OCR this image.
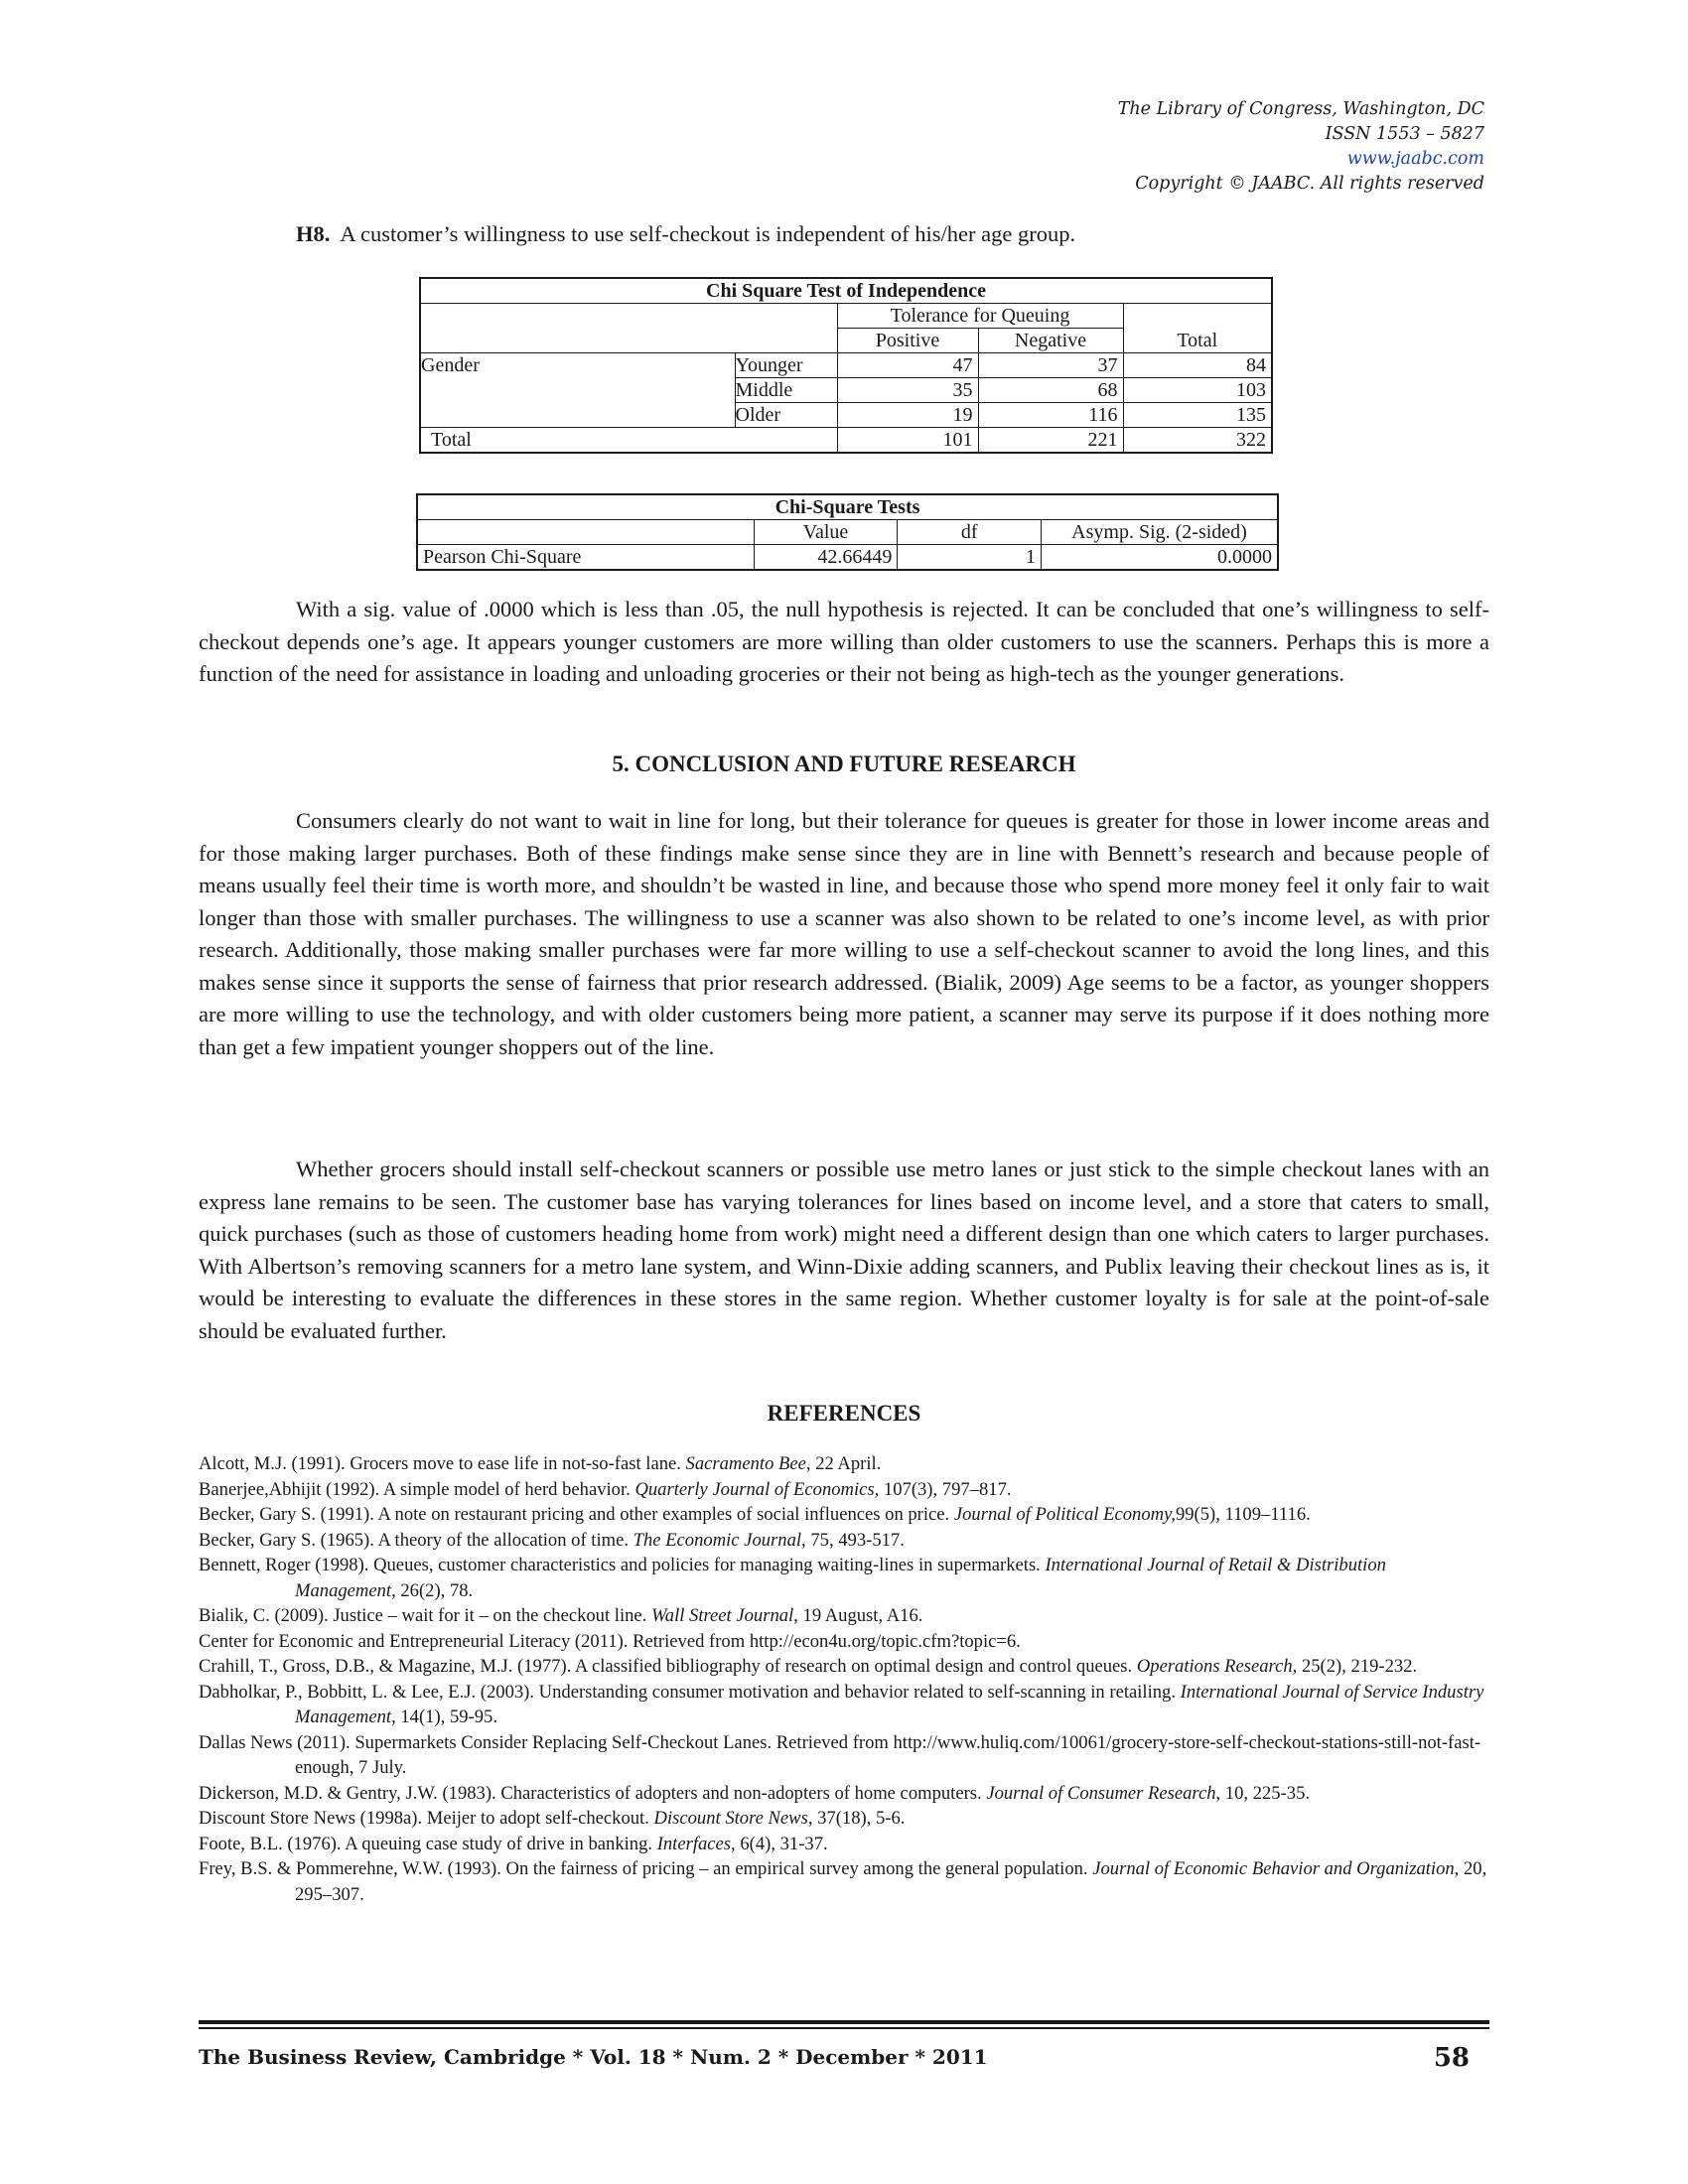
The Library of Congress, Washington, DC
ISSN 1553 – 5827
www.jaabc.com
Copyright © JAABC. All rights reserved
H8. A customer’s willingness to use self-checkout is independent of his/her age group.
Chi Square Test of Independence				
		Tolerance for Queuing		Total
		Positive	Negative	
Gender	Younger	47	37	84
	Middle	35	68	103
	Older	19	116	135
Total		101	221	322
Chi-Square Tests			
	Value	df	Asymp. Sig. (2-sided)
Pearson Chi-Square	42.66449	1	0.0000
With a sig. value of .0000 which is less than .05, the null hypothesis is rejected. It can be concluded that one’s willingness to self-checkout depends one’s age. It appears younger customers are more willing than older customers to use the scanners. Perhaps this is more a function of the need for assistance in loading and unloading groceries or their not being as high-tech as the younger generations.
5. CONCLUSION AND FUTURE RESEARCH
Consumers clearly do not want to wait in line for long, but their tolerance for queues is greater for those in lower income areas and for those making larger purchases. Both of these findings make sense since they are in line with Bennett’s research and because people of means usually feel their time is worth more, and shouldn’t be wasted in line, and because those who spend more money feel it only fair to wait longer than those with smaller purchases. The willingness to use a scanner was also shown to be related to one’s income level, as with prior research. Additionally, those making smaller purchases were far more willing to use a self-checkout scanner to avoid the long lines, and this makes sense since it supports the sense of fairness that prior research addressed. (Bialik, 2009) Age seems to be a factor, as younger shoppers are more willing to use the technology, and with older customers being more patient, a scanner may serve its purpose if it does nothing more than get a few impatient younger shoppers out of the line.
Whether grocers should install self-checkout scanners or possible use metro lanes or just stick to the simple checkout lanes with an express lane remains to be seen. The customer base has varying tolerances for lines based on income level, and a store that caters to small, quick purchases (such as those of customers heading home from work) might need a different design than one which caters to larger purchases. With Albertson’s removing scanners for a metro lane system, and Winn-Dixie adding scanners, and Publix leaving their checkout lines as is, it would be interesting to evaluate the differences in these stores in the same region. Whether customer loyalty is for sale at the point-of-sale should be evaluated further.
REFERENCES
Alcott, M.J. (1991). Grocers move to ease life in not-so-fast lane. Sacramento Bee, 22 April.
Banerjee,Abhijit (1992). A simple model of herd behavior. Quarterly Journal of Economics, 107(3), 797–817.
Becker, Gary S. (1991). A note on restaurant pricing and other examples of social influences on price. Journal of Political Economy,99(5), 1109–1116.
Becker, Gary S. (1965). A theory of the allocation of time. The Economic Journal, 75, 493-517.
Bennett, Roger (1998). Queues, customer characteristics and policies for managing waiting-lines in supermarkets. International Journal of Retail & Distribution Management, 26(2), 78.
Bialik, C. (2009). Justice – wait for it – on the checkout line. Wall Street Journal, 19 August, A16.
Center for Economic and Entrepreneurial Literacy (2011). Retrieved from http://econ4u.org/topic.cfm?topic=6.
Crahill, T., Gross, D.B., & Magazine, M.J. (1977). A classified bibliography of research on optimal design and control queues. Operations Research, 25(2), 219-232.
Dabholkar, P., Bobbitt, L. & Lee, E.J. (2003). Understanding consumer motivation and behavior related to self-scanning in retailing. International Journal of Service Industry Management, 14(1), 59-95.
Dallas News (2011). Supermarkets Consider Replacing Self-Checkout Lanes. Retrieved from http://www.huliq.com/10061/grocery-store-self-checkout-stations-still-not-fast-enough, 7 July.
Dickerson, M.D. & Gentry, J.W. (1983). Characteristics of adopters and non-adopters of home computers. Journal of Consumer Research, 10, 225-35.
Discount Store News (1998a). Meijer to adopt self-checkout. Discount Store News, 37(18), 5-6.
Foote, B.L. (1976). A queuing case study of drive in banking. Interfaces, 6(4), 31-37.
Frey, B.S. & Pommerehne, W.W. (1993). On the fairness of pricing – an empirical survey among the general population. Journal of Economic Behavior and Organization, 20, 295–307.
The Business Review, Cambridge * Vol. 18 * Num. 2 * December * 2011	58
